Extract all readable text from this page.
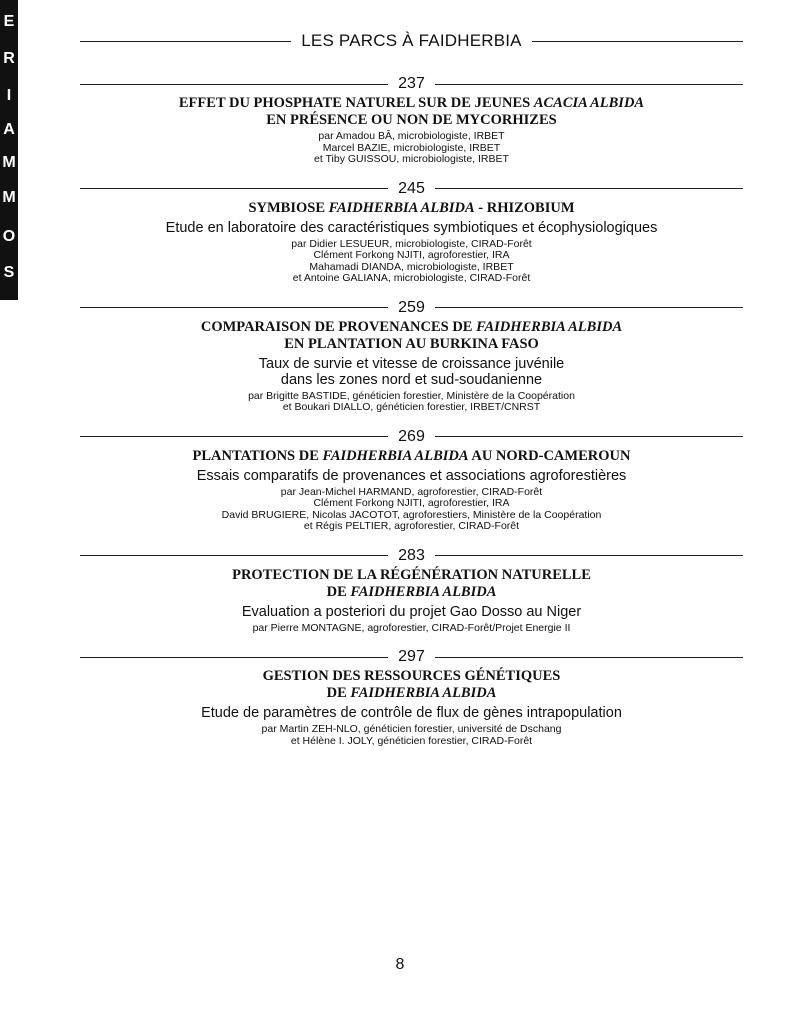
E
R
I
A
M
M
O
S
LES PARCS À FAIDHERBIA
237
EFFET DU PHOSPHATE NATUREL SUR DE JEUNES ACACIA ALBIDA
EN PRÉSENCE OU NON DE MYCORHIZES
par Amadou BÂ, microbiologiste, IRBET
Marcel BAZIE, microbiologiste, IRBET
et Tiby GUISSOU, microbiologiste, IRBET
245
SYMBIOSE FAIDHERBIA ALBIDA - RHIZOBIUM
Etude en laboratoire des caractéristiques symbiotiques et écophysiologiques
par Didier LESUEUR, microbiologiste, CIRAD-Forêt
Clément Forkong NJITI, agroforestier, IRA
Mahamadi DIANDA, microbiologiste, IRBET
et Antoine GALIANA, microbiologiste, CIRAD-Forêt
259
COMPARAISON DE PROVENANCES DE FAIDHERBIA ALBIDA
EN PLANTATION AU BURKINA FASO
Taux de survie et vitesse de croissance juvénile
dans les zones nord et sud-soudanienne
par Brigitte BASTIDE, généticien forestier, Ministère de la Coopération
et Boukari DIALLO, généticien forestier, IRBET/CNRST
269
PLANTATIONS DE FAIDHERBIA ALBIDA AU NORD-CAMEROUN
Essais comparatifs de provenances et associations agroforestières
par Jean-Michel HARMAND, agroforestier, CIRAD-Forêt
Clément Forkong NJITI, agroforestier, IRA
David BRUGIERE, Nicolas JACOTOT, agroforestiers, Ministère de la Coopération
et Régis PELTIER, agroforestier, CIRAD-Forêt
283
PROTECTION DE LA RÉGÉNÉRATION NATURELLE
DE FAIDHERBIA ALBIDA
Evaluation a posteriori du projet Gao Dosso au Niger
par Pierre MONTAGNE, agroforestier, CIRAD-Forêt/Projet Energie II
297
GESTION DES RESSOURCES GÉNÉTIQUES
DE FAIDHERBIA ALBIDA
Etude de paramètres de contrôle de flux de gènes intrapopulation
par Martin ZEH-NLO, généticien forestier, université de Dschang
et Hélène I. JOLY, généticien forestier, CIRAD-Forêt
8
